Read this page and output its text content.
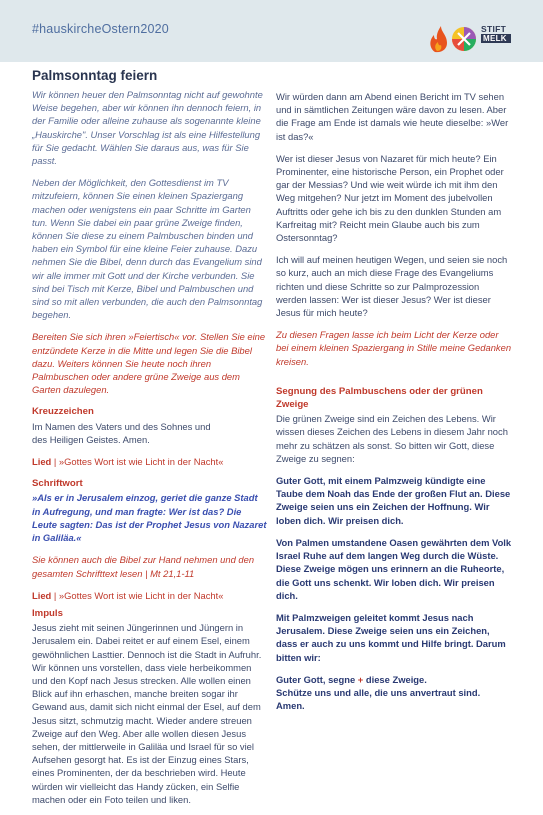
#hauskircheOstern2020	STIFT
MELK
Palmsonntag feiern

Wir können heuer den Palmsonntag nicht auf gewohnte Weise begehen, aber wir können ihn dennoch feiern, in der Familie oder alleine zuhause als sogenannte kleine „Hauskirche". Unser Vorschlag ist als eine Hilfestellung für Sie gedacht. Wählen Sie daraus aus, was für Sie passt.

Neben der Möglichkeit, den Gottesdienst im TV mitzufeiern, können Sie einen kleinen Spaziergang machen oder wenigstens ein paar Schritte im Garten tun. Wenn Sie dabei ein paar grüne Zweige finden, können Sie diese zu einem Palmbuschen binden und haben ein Symbol für eine kleine Feier zuhause. Dazu nehmen Sie die Bibel, denn durch das Evangelium sind wir alle immer mit Gott und der Kirche verbunden. Sie sind bei Tisch mit Kerze, Bibel und Palmbuschen und sind so mit allen verbunden, die auch den Palmsonntag begehen.

Bereiten Sie sich ihren »Feiertisch« vor. Stellen Sie eine entzündete Kerze in die Mitte und legen Sie die Bibel dazu. Weiters können Sie heute noch ihren Palmbuschen oder andere grüne Zweige aus dem Garten dazulegen.

Kreuzzeichen
Im Namen des Vaters und des Sohnes und

des Heiligen Geistes. Amen.

Lied | »Gottes Wort ist wie Licht in der Nacht«

Schriftwort

»Als er in Jerusalem einzog, geriet die ganze Stadt in Aufregung, und man fragte: Wer ist das? Die Leute sagten: Das ist der Prophet Jesus von Nazaret in Galiläa.«

Sie können auch die Bibel zur Hand nehmen und den gesamten Schrifttext lesen | Mt 21,1-11

Lied | »Gottes Wort ist wie Licht in der Nacht«

Impuls

Jesus zieht mit seinen Jüngerinnen und Jüngern in Jerusalem ein. Dabei reitet er auf einem Esel, einem gewöhnlichen Lasttier. Dennoch ist die Stadt in Aufruhr. Wir können uns vorstellen, dass viele herbeikommen und den Kopf nach Jesus strecken. Alle wollen einen Blick auf ihn erhaschen, manche breiten sogar ihr Gewand aus, damit sich nicht einmal der Esel, auf dem Jesus sitzt, schmutzig macht. Wieder andere streuen Zweige auf den Weg. Aber alle wollen diesen Jesus sehen, der mittlerweile in Galiläa und Israel für so viel Aufsehen gesorgt hat. Es ist der Einzug eines Stars, eines Prominenten, der da beschrieben wird. Heute würden wir vielleicht das Handy zücken, ein Selfie machen oder ein Foto teilen und liken.

Wir würden dann am Abend einen Bericht im TV sehen und in sämtlichen Zeitungen wäre davon zu lesen. Aber die Frage am Ende ist damals wie heute dieselbe: »Wer ist das?«

Wer ist dieser Jesus von Nazaret für mich heute? Ein Prominenter, eine historische Person, ein Prophet oder gar der Messias? Und wie weit würde ich mit ihm den Weg mitgehen? Nur jetzt im Moment des jubelvollen Auftritts oder gehe ich bis zu den dunklen Stunden am Karfreitag mit? Reicht mein Glaube auch bis zum Ostersonntag?

Ich will auf meinen heutigen Wegen, und seien sie noch so kurz, auch an mich diese Frage des Evangeliums richten und diese Schritte so zur Palmprozession werden lassen: Wer ist dieser Jesus? Wer ist dieser Jesus für mich heute?

Zu diesen Fragen lasse ich beim Licht der Kerze oder bei einem kleinen Spaziergang in Stille meine Gedanken kreisen.

Segnung des Palmbuschens oder der grünen Zweige

Die grünen Zweige sind ein Zeichen des Lebens. Wir wissen dieses Zeichen des Lebens in diesem Jahr noch mehr zu schätzen als sonst. So bitten wir Gott, diese Zweige zu segnen:

Guter Gott, mit einem Palmzweig kündigte eine Taube dem Noah das Ende der großen Flut an. Diese Zweige seien uns ein Zeichen der Hoffnung. Wir loben dich. Wir preisen dich.

Von Palmen umstandene Oasen gewährten dem Volk Israel Ruhe auf dem langen Weg durch die Wüste. Diese Zweige mögen uns erinnern an die Ruheorte, die Gott uns schenkt. Wir loben dich. Wir preisen dich.

Mit Palmzweigen geleitet kommt Jesus nach Jerusalem. Diese Zweige seien uns ein Zeichen, dass er auch zu uns kommt und Hilfe bringt. Darum bitten wir:

Guter Gott, segne + diese Zweige.
Schütze uns und alle, die uns anvertraut sind.
Amen.
